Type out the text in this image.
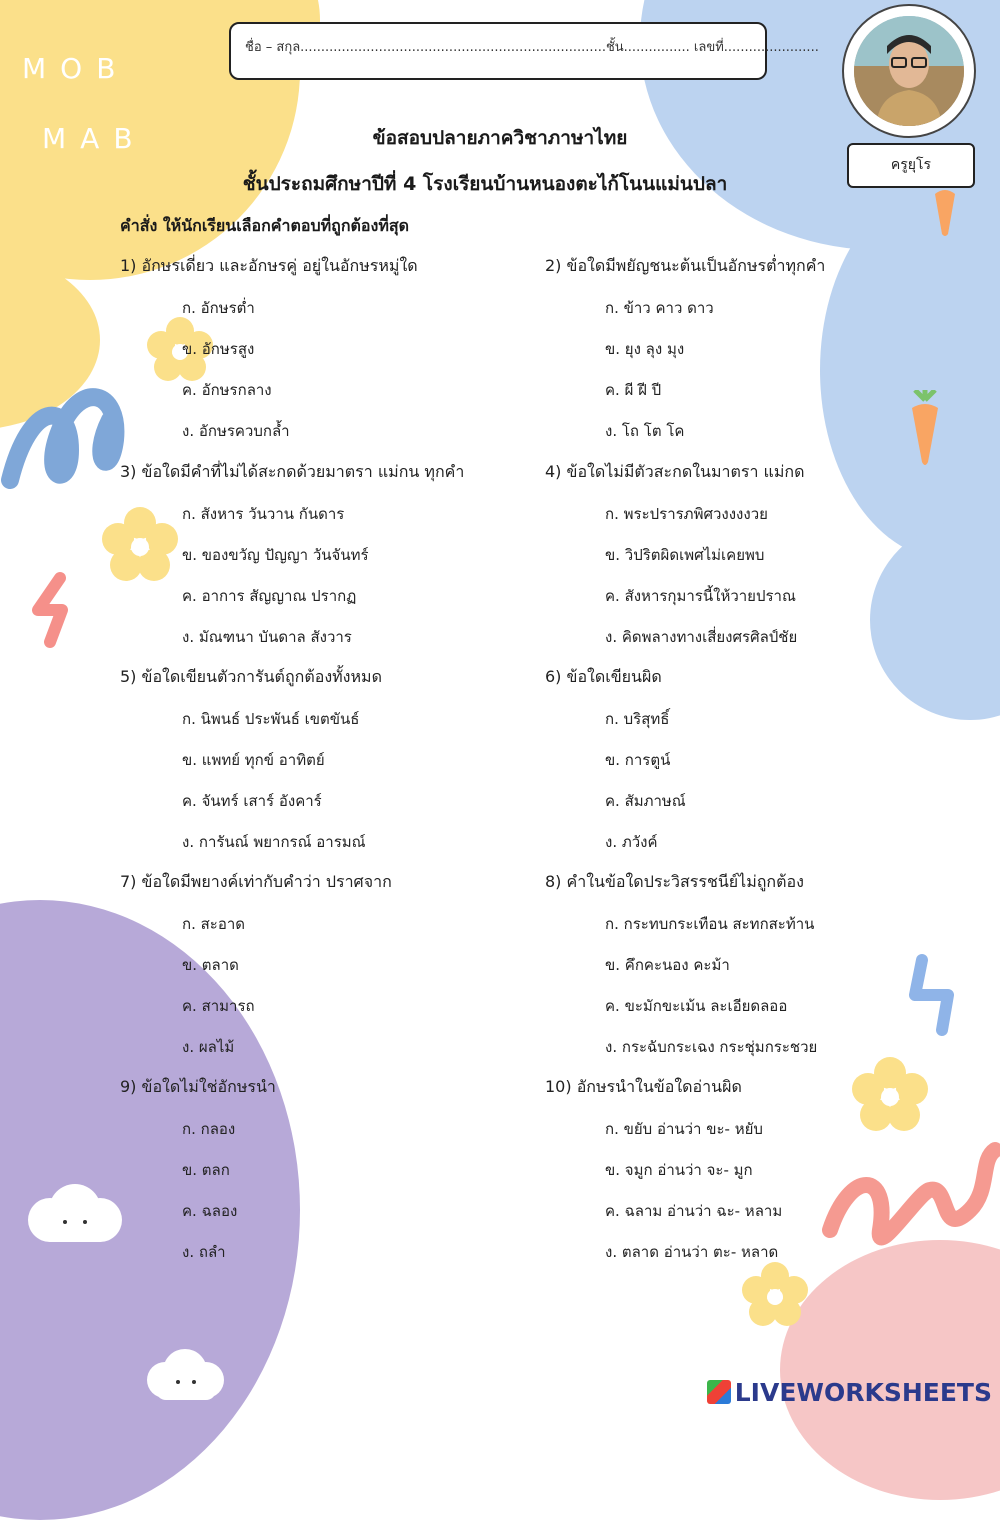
MOB
MAB
ชื่อ – สกุล..........................................................................ชั้น................ เลขที่.......................
ครูยุโร
ข้อสอบปลายภาควิชาภาษาไทย
ชั้นประถมศึกษาปีที่ 4 โรงเรียนบ้านหนองตะไก้โนนแม่นปลา
คำสั่ง ให้นักเรียนเลือกคำตอบที่ถูกต้องที่สุด
1) อักษรเดี่ยว และอักษรคู่ อยู่ในอักษรหมู่ใด
ก. อักษรต่ำ
ข. อักษรสูง
ค. อักษรกลาง
ง. อักษรควบกล้ำ
2) ข้อใดมีพยัญชนะต้นเป็นอักษรต่ำทุกคำ
ก. ข้าว คาว ดาว
ข. ยุง ลุง มุง
ค. ผี ฝี ปี
ง. โถ โต โค
3) ข้อใดมีคำที่ไม่ได้สะกดด้วยมาตรา แม่กน ทุกคำ
ก. สังหาร วันวาน กันดาร
ข. ของขวัญ ปัญญา วันจันทร์
ค. อาการ สัญญาณ ปรากฏ
ง. มัณฑนา บันดาล สังวาร
4) ข้อใดไม่มีตัวสะกดในมาตรา แม่กด
ก. พระปรารภพิศวงงงงวย
ข. วิปริตผิดเพศไม่เคยพบ
ค. สังหารกุมารนี้ให้วายปราณ
ง. คิดพลางทางเสี่ยงศรศิลป์ชัย
5) ข้อใดเขียนตัวการันต์ถูกต้องทั้งหมด
ก. นิพนธ์ ประพันธ์ เขตขันธ์
ข. แพทย์ ทุกข์ อาทิตย์
ค. จันทร์ เสาร์ อังคาร์
ง. การันณ์ พยากรณ์ อารมณ์
6) ข้อใดเขียนผิด
ก. บริสุทธิ์
ข. การตูน์
ค. สัมภาษณ์
ง. ภวังค์
7) ข้อใดมีพยางค์เท่ากับคำว่า ปราศจาก
ก. สะอาด
ข. ตลาด
ค. สามารถ
ง. ผลไม้
8) คำในข้อใดประวิสรรชนีย์ไม่ถูกต้อง
ก. กระทบกระเทือน สะทกสะท้าน
ข. คึกคะนอง คะม้า
ค. ขะมักขะเม้น ละเอียดลออ
ง. กระฉับกระเฉง กระชุ่มกระชวย
9) ข้อใดไม่ใช่อักษรนำ
ก. กลอง
ข. ตลก
ค. ฉลอง
ง. ถลำ
10) อักษรนำในข้อใดอ่านผิด
ก. ขยับ อ่านว่า ขะ- หยับ
ข. จมูก อ่านว่า จะ- มูก
ค. ฉลาม อ่านว่า ฉะ- หลาม
ง. ตลาด อ่านว่า ตะ- หลาด
LIVEWORKSHEETS
